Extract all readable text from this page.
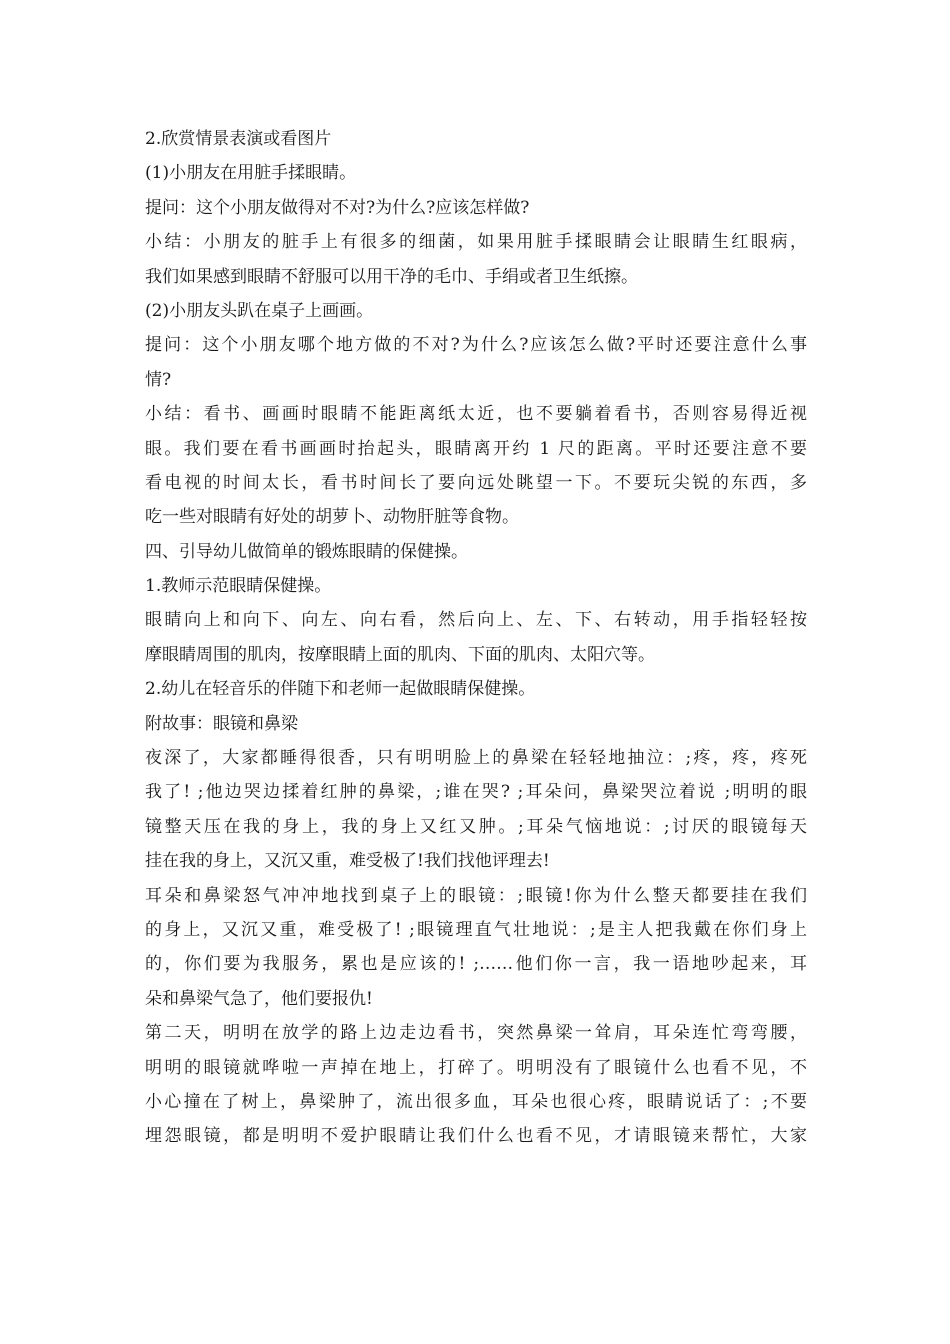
2.欣赏情景表演或看图片

(1)小朋友在用脏手揉眼睛。

提问：这个小朋友做得对不对?为什么?应该怎样做?

小结：小朋友的脏手上有很多的细菌，如果用脏手揉眼睛会让眼睛生红眼病，

我们如果感到眼睛不舒服可以用干净的毛巾、手绢或者卫生纸擦。

(2)小朋友头趴在桌子上画画。

提问：这个小朋友哪个地方做的不对?为什么?应该怎么做?平时还要注意什么事

情?

小结：看书、画画时眼睛不能距离纸太近，也不要躺着看书，否则容易得近视

眼。我们要在看书画画时抬起头，眼睛离开约 1 尺的距离。平时还要注意不要

看电视的时间太长，看书时间长了要向远处眺望一下。不要玩尖锐的东西，多

吃一些对眼睛有好处的胡萝卜、动物肝脏等食物。

四、引导幼儿做简单的锻炼眼睛的保健操。

1.教师示范眼睛保健操。

眼睛向上和向下、向左、向右看，然后向上、左、下、右转动，用手指轻轻按

摩眼睛周围的肌肉，按摩眼睛上面的肌肉、下面的肌肉、太阳穴等。

2.幼儿在轻音乐的伴随下和老师一起做眼睛保健操。

附故事：眼镜和鼻梁

夜深了，大家都睡得很香，只有明明脸上的鼻梁在轻轻地抽泣：;疼，疼，疼死

我了! ;他边哭边揉着红肿的鼻梁，;谁在哭? ;耳朵问，鼻梁哭泣着说 ;明明的眼

镜整天压在我的身上，我的身上又红又肿。;耳朵气恼地说：;讨厌的眼镜每天

挂在我的身上，又沉又重，难受极了!我们找他评理去!

耳朵和鼻梁怒气冲冲地找到桌子上的眼镜：;眼镜!你为什么整天都要挂在我们

的身上，又沉又重，难受极了! ;眼镜理直气壮地说：;是主人把我戴在你们身上

的，你们要为我服务，累也是应该的! ;……他们你一言，我一语地吵起来，耳

朵和鼻梁气急了，他们要报仇!

第二天，明明在放学的路上边走边看书，突然鼻梁一耸肩，耳朵连忙弯弯腰，

明明的眼镜就哗啦一声掉在地上，打碎了。明明没有了眼镜什么也看不见，不

小心撞在了树上，鼻梁肿了，流出很多血，耳朵也很心疼，眼睛说话了：;不要

埋怨眼镜，都是明明不爱护眼睛让我们什么也看不见，才请眼镜来帮忙，大家
